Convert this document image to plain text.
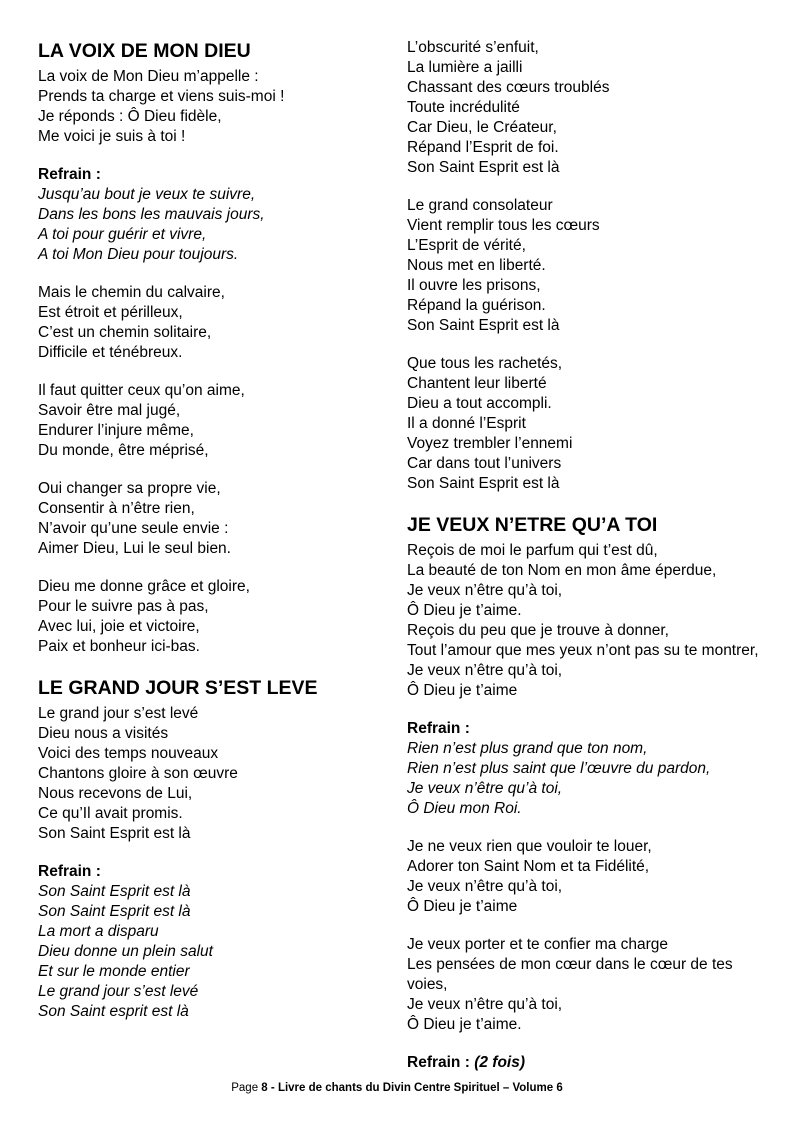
LA VOIX DE MON DIEU
La voix de Mon Dieu m’appelle :
Prends ta charge et viens suis-moi !
Je réponds : Ô Dieu fidèle,
Me voici je suis à toi !
Refrain :
Jusqu’au bout je veux te suivre,
Dans les bons les mauvais jours,
A toi pour guérir et vivre,
A toi Mon Dieu pour toujours.
Mais le chemin du calvaire,
Est étroit et périlleux,
C’est un chemin solitaire,
Difficile et ténébreux.
Il faut quitter ceux qu’on aime,
Savoir être mal jugé,
Endurer l’injure même,
Du monde, être méprisé,
Oui changer sa propre vie,
Consentir à n’être rien,
N’avoir qu’une seule envie :
Aimer Dieu, Lui le seul bien.
Dieu me donne grâce et gloire,
Pour le suivre pas à pas,
Avec lui, joie et victoire,
Paix et bonheur ici-bas.
LE GRAND JOUR S’EST LEVE
Le grand jour s’est levé
Dieu nous a visités
Voici des temps nouveaux
Chantons gloire à son œuvre
Nous recevons de Lui,
Ce qu’Il avait promis.
Son Saint Esprit est là
Refrain :
Son Saint Esprit est là
Son Saint Esprit est là
La mort a disparu
Dieu donne un plein salut
Et sur le monde entier
Le grand jour s’est levé
Son Saint esprit est là
L’obscurité s’enfuit,
La lumière a jailli
Chassant des cœurs troublés
Toute incrédulité
Car Dieu, le Créateur,
Répand l’Esprit de foi.
Son Saint Esprit est là
Le grand consolateur
Vient remplir tous les cœurs
L’Esprit de vérité,
Nous met en liberté.
Il ouvre les prisons,
Répand la guérison.
Son Saint Esprit est là
Que tous les rachetés,
Chantent leur liberté
Dieu a tout accompli.
Il a donné l’Esprit
Voyez trembler l’ennemi
Car dans tout l’univers
Son Saint Esprit est là
JE VEUX N’ETRE QU’A TOI
Reçois de moi le parfum qui t’est dû,
La beauté de ton Nom en mon âme éperdue,
Je veux n’être qu’à toi,
Ô Dieu je t’aime.
Reçois du peu que je trouve à donner,
Tout l’amour que mes yeux n’ont pas su te montrer,
Je veux n’être qu’à toi,
Ô Dieu je t’aime
Refrain :
Rien n’est plus grand que ton nom,
Rien n’est plus saint que l’œuvre du pardon,
Je veux n’être qu’à toi,
Ô Dieu mon Roi.
Je ne veux rien que vouloir te louer,
Adorer ton Saint Nom et ta Fidélité,
Je veux n’être qu’à toi,
Ô Dieu je t’aime
Je veux porter et te confier ma charge
Les pensées de mon cœur dans le cœur de tes voies,
Je veux n’être qu’à toi,
Ô Dieu je t’aime.
Refrain : (2 fois)
Page 8 - Livre de chants du Divin Centre Spirituel – Volume 6
